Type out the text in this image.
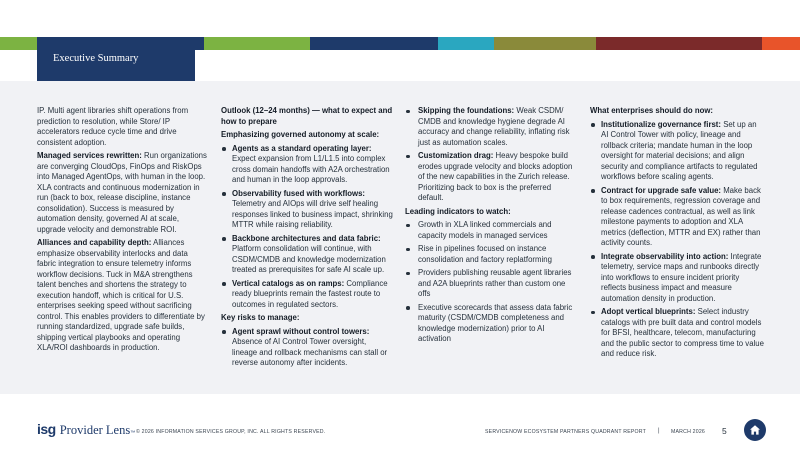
Executive Summary

IP. Multi agent libraries shift operations from prediction to resolution, while Store/ IP accelerators reduce cycle time and drive consistent adoption.

Managed services rewritten: Run organizations are converging CloudOps, FinOps and RiskOps into Managed AgentOps, with human in the loop. XLA contracts and continuous modernization in run (back to box, release discipline, instance consolidation). Success is measured by automation density, governed AI at scale, upgrade velocity and demonstrable ROI.

Alliances and capability depth: Alliances emphasize observability interlocks and data fabric integration to ensure telemetry informs workflow decisions. Tuck in M&A strengthens talent benches and shortens the strategy to execution handoff, which is critical for U.S. enterprises seeking speed without sacrificing control. This enables providers to differentiate by running standardized, upgrade safe builds, shipping vertical playbooks and operating XLA/ROI dashboards in production.

Outlook (12–24 months) — what to expect and how to prepare
Emphasizing governed autonomy at scale:
Agents as a standard operating layer: Expect expansion from L1/L1.5 into complex cross domain handoffs with A2A orchestration and human in the loop approvals.
Observability fused with workflows: Telemetry and AIOps will drive self healing responses linked to business impact, shrinking MTTR while raising reliability.
Backbone architectures and data fabric: Platform consolidation will continue, with CSDM/CMDB and knowledge modernization treated as prerequisites for safe AI scale up.
Vertical catalogs as on ramps: Compliance ready blueprints remain the fastest route to outcomes in regulated sectors.
Key risks to manage:
Agent sprawl without control towers: Absence of AI Control Tower oversight, lineage and rollback mechanisms can stall or reverse autonomy after incidents.
Skipping the foundations: Weak CSDM/ CMDB and knowledge hygiene degrade AI accuracy and change reliability, inflating risk just as automation scales.
Customization drag: Heavy bespoke build erodes upgrade velocity and blocks adoption of the new capabilities in the Zurich release. Prioritizing back to box is the preferred default.
Leading indicators to watch:
Growth in XLA linked commercials and capacity models in managed services
Rise in pipelines focused on instance consolidation and factory replatforming
Providers publishing reusable agent libraries and A2A blueprints rather than custom one offs
Executive scorecards that assess data fabric maturity (CSDM/CMDB completeness and knowledge modernization) prior to AI activation
What enterprises should do now:
Institutionalize governance first: Set up an AI Control Tower with policy, lineage and rollback criteria; mandate human in the loop oversight for material decisions; and align security and compliance artifacts to regulated workflows before scaling agents.
Contract for upgrade safe value: Make back to box requirements, regression coverage and release cadences contractual, as well as link milestone payments to adoption and XLA metrics (deflection, MTTR and EX) rather than activity counts.
Integrate observability into action: Integrate telemetry, service maps and runbooks directly into workflows to ensure incident priority reflects business impact and measure automation density in production.
Adopt vertical blueprints: Select industry catalogs with pre built data and control models for BFSI, healthcare, telecom, manufacturing and the public sector to compress time to value and reduce risk.
isg Provider Lens ™ © 2026 INFORMATION SERVICES GROUP, INC. ALL RIGHTS RESERVED.	SERVICENOW ECOSYSTEM PARTNERS QUADRANT REPORT | MARCH 2026 5
